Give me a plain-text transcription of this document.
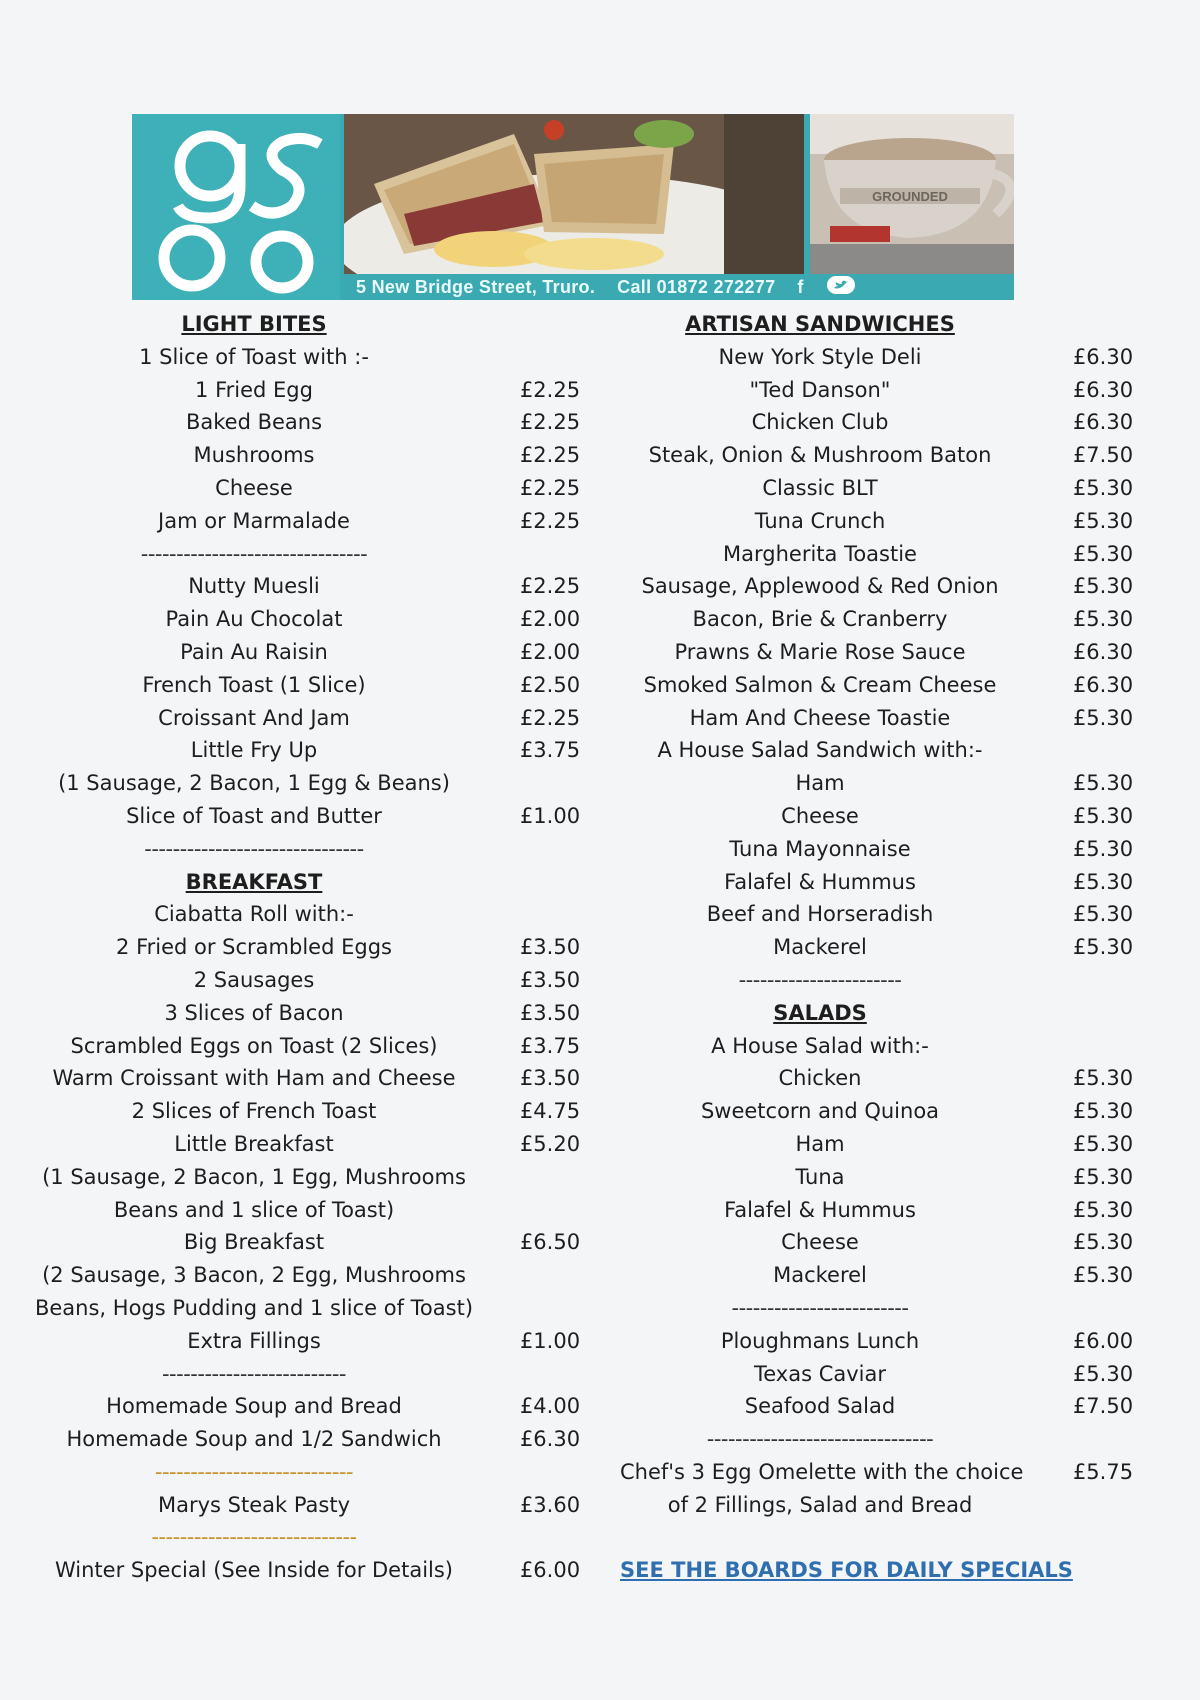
GROUNDED
5 New Bridge Street, Truro. Call 01872 272277 f
LIGHT BITES
1 Slice of Toast with :-
1 Fried Egg	£2.25
Baked Beans	£2.25
Mushrooms	£2.25
Cheese	£2.25
Jam or Marmalade	£2.25
--------------------------------
Nutty Muesli	£2.25
Pain Au Chocolat	£2.00
Pain Au Raisin	£2.00
French Toast (1 Slice)	£2.50
Croissant And Jam	£2.25
Little Fry Up	£3.75
(1 Sausage, 2 Bacon, 1 Egg & Beans)
Slice of Toast and Butter	£1.00
-------------------------------
BREAKFAST
Ciabatta Roll with:-
2 Fried or Scrambled Eggs	£3.50
2 Sausages	£3.50
3 Slices of Bacon	£3.50
Scrambled Eggs on Toast (2 Slices)	£3.75
Warm Croissant with Ham and Cheese	£3.50
2 Slices of French Toast	£4.75
Little Breakfast	£5.20
(1 Sausage, 2 Bacon, 1 Egg, Mushrooms
Beans and 1 slice of Toast)
Big Breakfast	£6.50
(2 Sausage, 3 Bacon, 2 Egg, Mushrooms
Beans, Hogs Pudding and 1 slice of Toast)
Extra Fillings	£1.00
--------------------------
Homemade Soup and Bread	£4.00
Homemade Soup and 1/2 Sandwich	£6.30
----------------------------
Marys Steak Pasty	£3.60
-----------------------------
Winter Special (See Inside for Details)	£6.00
ARTISAN SANDWICHES
New York Style Deli	£6.30
"Ted Danson"	£6.30
Chicken Club	£6.30
Steak, Onion & Mushroom Baton	£7.50
Classic BLT	£5.30
Tuna Crunch	£5.30
Margherita Toastie	£5.30
Sausage, Applewood & Red Onion	£5.30
Bacon, Brie & Cranberry	£5.30
Prawns & Marie Rose Sauce	£6.30
Smoked Salmon & Cream Cheese	£6.30
Ham And Cheese Toastie	£5.30
A House Salad Sandwich with:-
Ham	£5.30
Cheese	£5.30
Tuna Mayonnaise	£5.30
Falafel & Hummus	£5.30
Beef and Horseradish	£5.30
Mackerel	£5.30
-----------------------
SALADS
A House Salad with:-
Chicken	£5.30
Sweetcorn and Quinoa	£5.30
Ham	£5.30
Tuna	£5.30
Falafel & Hummus	£5.30
Cheese	£5.30
Mackerel	£5.30
-------------------------
Ploughmans Lunch	£6.00
Texas Caviar	£5.30
Seafood Salad	£7.50
--------------------------------
Chef's 3 Egg Omelette with the choice	£5.75
of 2 Fillings, Salad and Bread
SEE THE BOARDS FOR DAILY SPECIALS
